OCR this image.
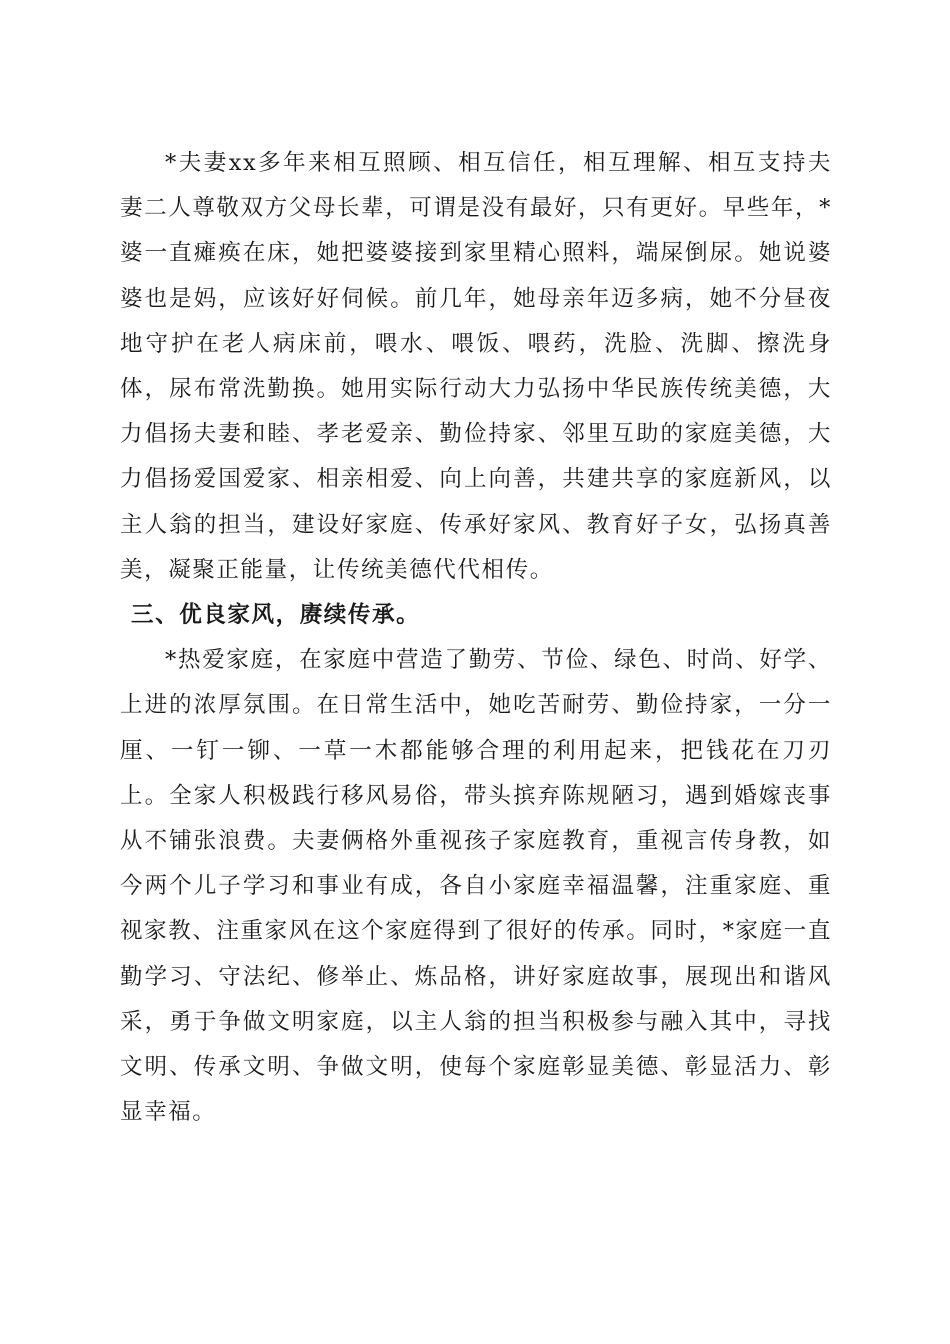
*夫妻xx多年来相互照顾、相互信任，相互理解、相互支持夫妻二人尊敬双方父母长辈，可谓是没有最好，只有更好。早些年，*婆一直瘫痪在床，她把婆婆接到家里精心照料，端屎倒尿。她说婆婆也是妈，应该好好伺候。前几年，她母亲年迈多病，她不分昼夜地守护在老人病床前，喂水、喂饭、喂药，洗脸、洗脚、擦洗身体，尿布常洗勤换。她用实际行动大力弘扬中华民族传统美德，大力倡扬夫妻和睦、孝老爱亲、勤俭持家、邻里互助的家庭美德，大力倡扬爱国爱家、相亲相爱、向上向善，共建共享的家庭新风，以主人翁的担当，建设好家庭、传承好家风、教育好子女，弘扬真善美，凝聚正能量，让传统美德代代相传。

三、优良家风，赓续传承。

*热爱家庭，在家庭中营造了勤劳、节俭、绿色、时尚、好学、上进的浓厚氛围。在日常生活中，她吃苦耐劳、勤俭持家，一分一厘、一钉一铆、一草一木都能够合理的利用起来，把钱花在刀刃上。全家人积极践行移风易俗，带头摈弃陈规陋习，遇到婚嫁丧事从不铺张浪费。夫妻俩格外重视孩子家庭教育，重视言传身教，如今两个儿子学习和事业有成，各自小家庭幸福温馨，注重家庭、重视家教、注重家风在这个家庭得到了很好的传承。同时，*家庭一直勤学习、守法纪、修举止、炼品格，讲好家庭故事，展现出和谐风采，勇于争做文明家庭，以主人翁的担当积极参与融入其中，寻找文明、传承文明、争做文明，使每个家庭彰显美德、彰显活力、彰显幸福。
